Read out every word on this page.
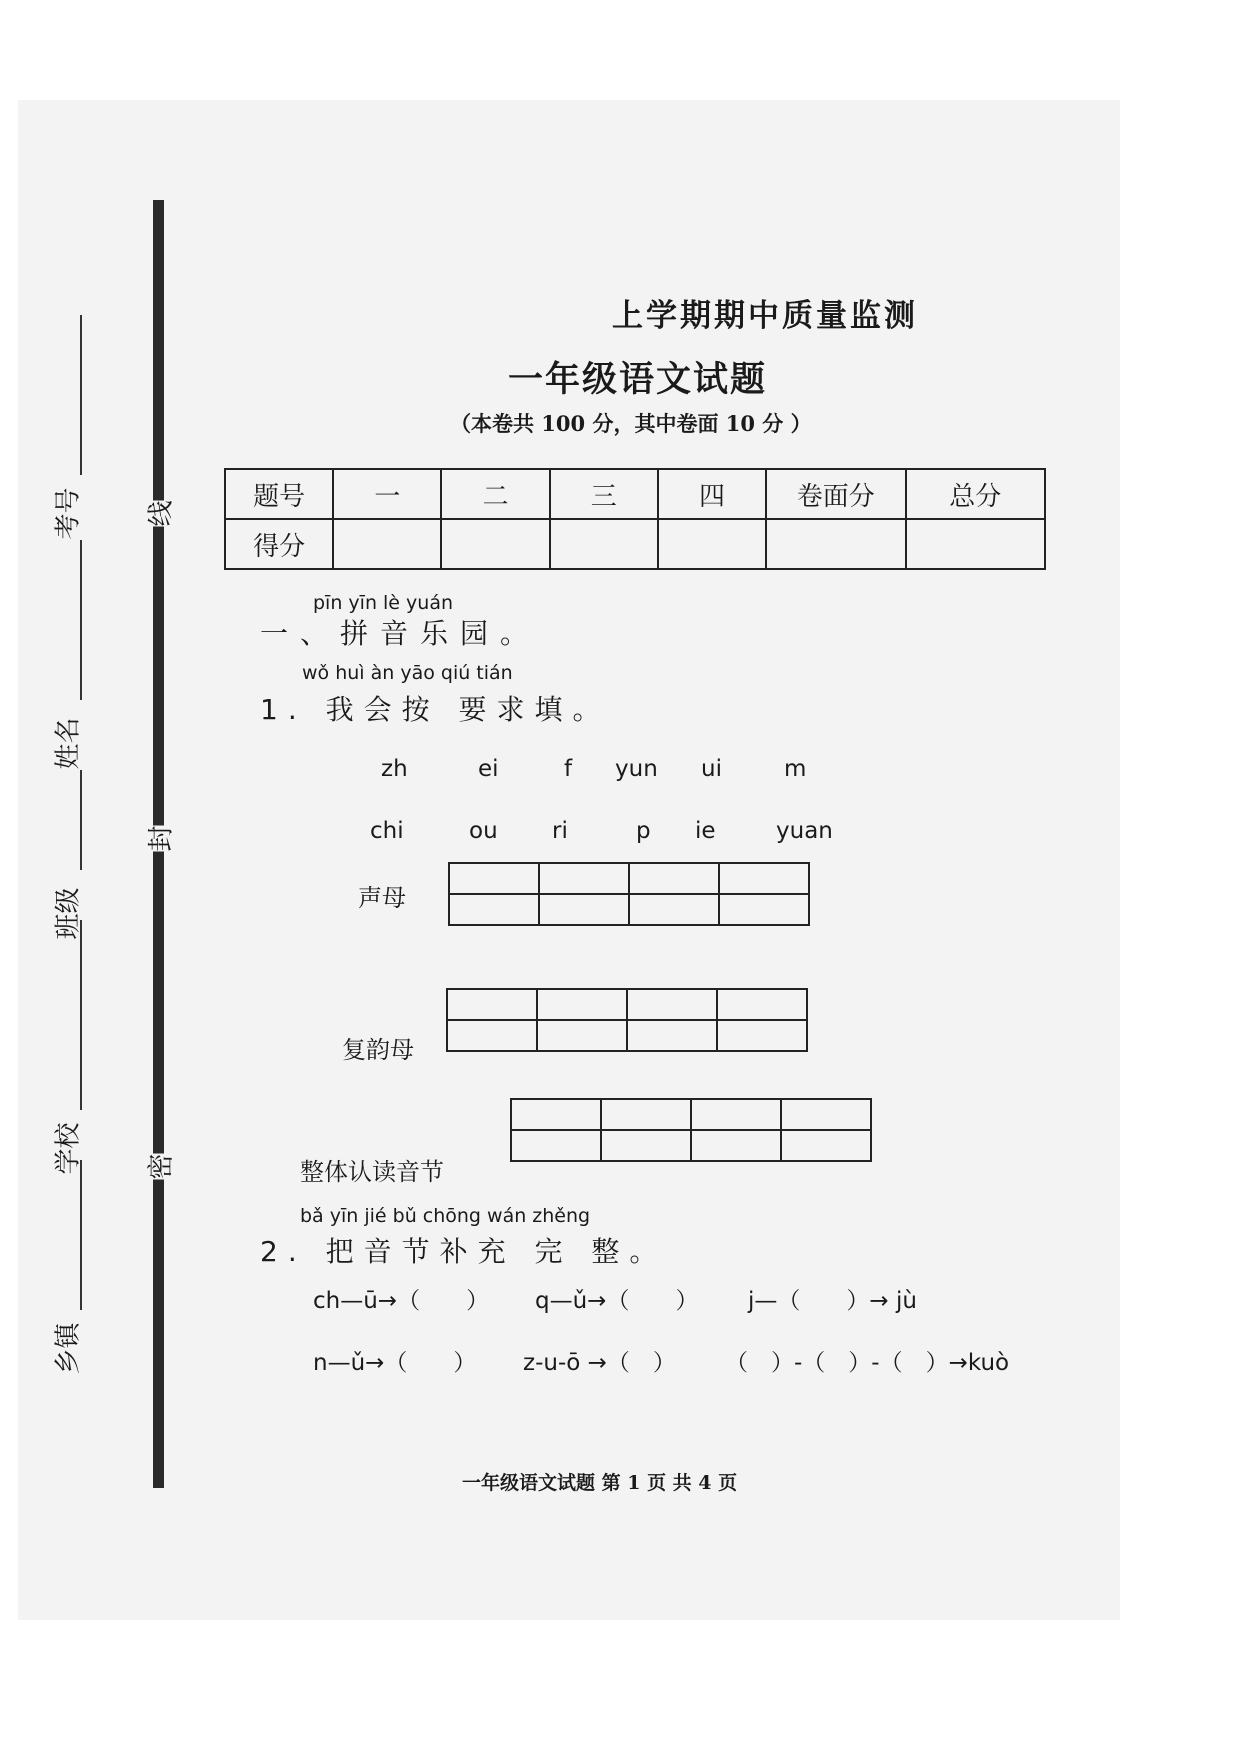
考号
姓名
班级
学校
乡镇
线
封
密
上学期期中质量监测
一年级语文试题
（本卷共 100 分，其中卷面 10 分 ）
题号	一	二	三	四	卷面分	总分
得分						
pīn yīn lè yuán
一、拼音乐园。
wǒ huì àn yāo qiú tián
1. 我会按 要求填。
zh	ei	f yun ui	m
chi	ou ri	p ie	yuan
声母

复韵母

整体认读音节

bǎ yīn jié bǔ chōng wán zhěng
2. 把音节补充 完 整。
ch—ū→（　　） q—ǔ→（　　） j—（　　）→ jù
n—ǔ→（　　） z-u-ō →（　） （　）-（　）-（　）→kuò
一年级语文试题 第 1 页 共 4 页
